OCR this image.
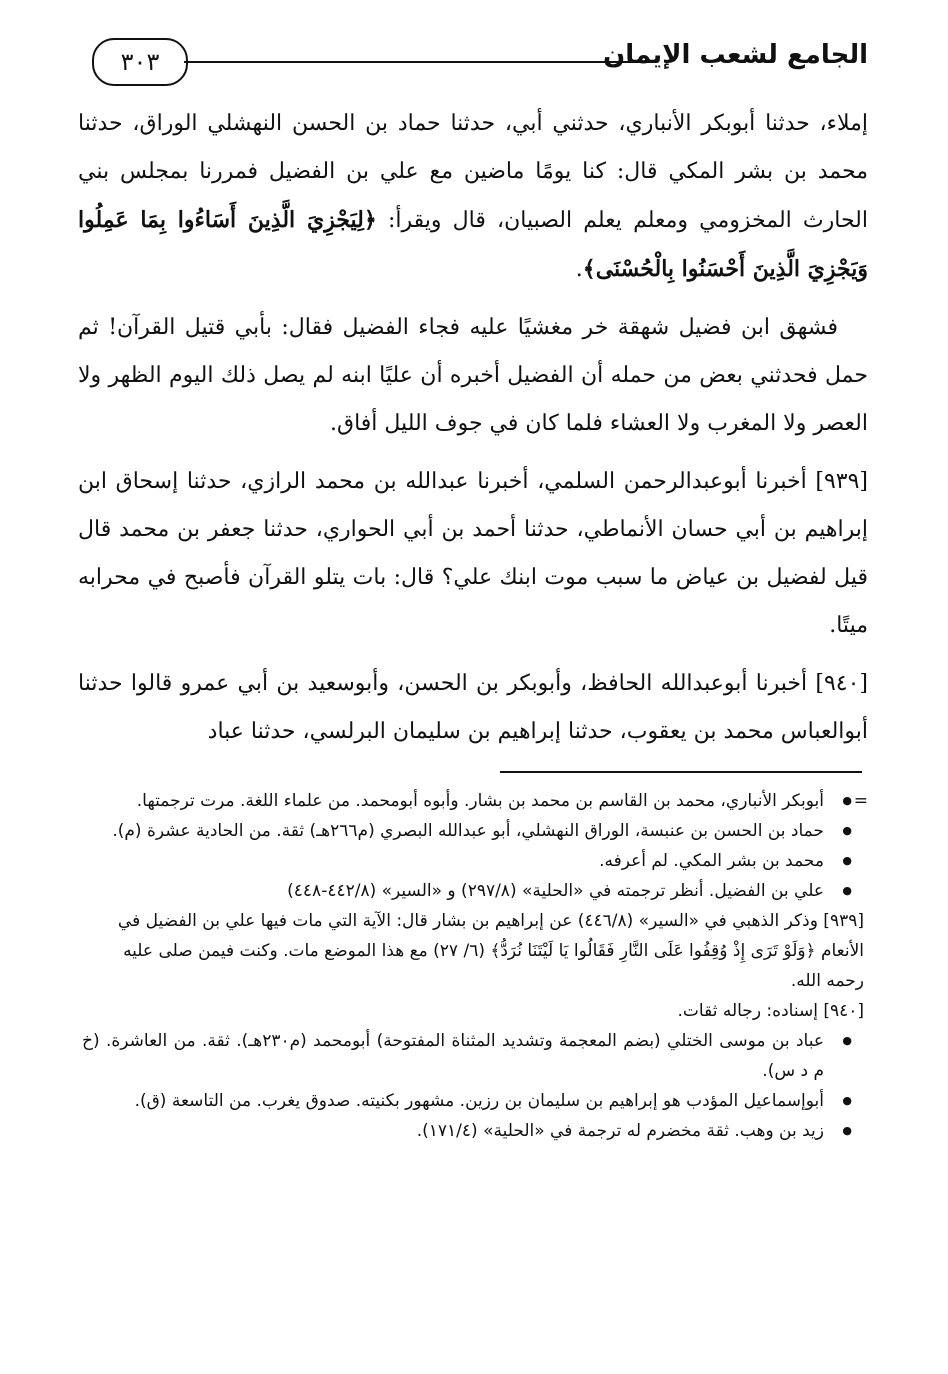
٣٠٣	الجامع لشعب الإيمان

إملاء، حدثنا أبوبكر الأنباري، حدثني أبي، حدثنا حماد بن الحسن النهشلي الوراق، حدثنا محمد بن بشر المكي قال: كنا يومًا ماضين مع علي بن الفضيل فمررنا بمجلس بني الحارث المخزومي ومعلم يعلم الصبيان، قال ويقرأ: ﴿لِيَجْزِيَ الَّذِينَ أَسَاءُوا بِمَا عَمِلُوا وَيَجْزِيَ الَّذِينَ أَحْسَنُوا بِالْحُسْنَى﴾.

فشهق ابن فضيل شهقة خر مغشيًا عليه فجاء الفضيل فقال: بأبي قتيل القرآن! ثم حمل فحدثني بعض من حمله أن الفضيل أخبره أن عليًا ابنه لم يصل ذلك اليوم الظهر ولا العصر ولا المغرب ولا العشاء فلما كان في جوف الليل أفاق.

[٩٣٩] أخبرنا أبوعبدالرحمن السلمي، أخبرنا عبدالله بن محمد الرازي، حدثنا إسحاق ابن إبراهيم بن أبي حسان الأنماطي، حدثنا أحمد بن أبي الحواري، حدثنا جعفر بن محمد قال قيل لفضيل بن عياض ما سبب موت ابنك علي؟ قال: بات يتلو القرآن فأصبح في محرابه ميتًا.

[٩٤٠] أخبرنا أبوعبدالله الحافظ، وأبوبكر بن الحسن، وأبوسعيد بن أبي عمرو قالوا حدثنا أبوالعباس محمد بن يعقوب، حدثنا إبراهيم بن سليمان البرلسي، حدثنا عباد

● =
أبوبكر الأنباري، محمد بن القاسم بن محمد بن بشار. وأبوه أبومحمد. من علماء اللغة. مرت ترجمتها.

● حماد بن الحسن بن عنبسة، الوراق النهشلي، أبو عبدالله البصري (م٢٦٦هـ) ثقة. من الحادية عشرة (م).

● محمد بن بشر المكي. لم أعرفه.

● علي بن الفضيل. أنظر ترجمته في «الحلية» (٢٩٧/٨) و «السير» (٤٤٢/٨-٤٤٨)

[٩٣٩] وذكر الذهبي في «السير» (٤٤٦/٨) عن إبراهيم بن بشار قال: الآية التي مات فيها علي بن الفضيل في الأنعام ﴿وَلَوْ تَرَى إِذْ وُقِفُوا عَلَى النَّارِ فَقَالُوا يَا لَيْتَنَا نُرَدُّ﴾ (٦/ ٢٧) مع هذا الموضع مات. وكنت فيمن صلى عليه رحمه الله.

[٩٤٠] إسناده: رجاله ثقات.

● عباد بن موسى الختلي (بضم المعجمة وتشديد المثناة المفتوحة) أبومحمد (م٢٣٠هـ). ثقة. من العاشرة. (خ م د س).

● أبوإسماعيل المؤدب هو إبراهيم بن سليمان بن رزين. مشهور بكنيته. صدوق يغرب. من التاسعة (ق).

● زيد بن وهب. ثقة مخضرم له ترجمة في «الحلية» (١٧١/٤).
